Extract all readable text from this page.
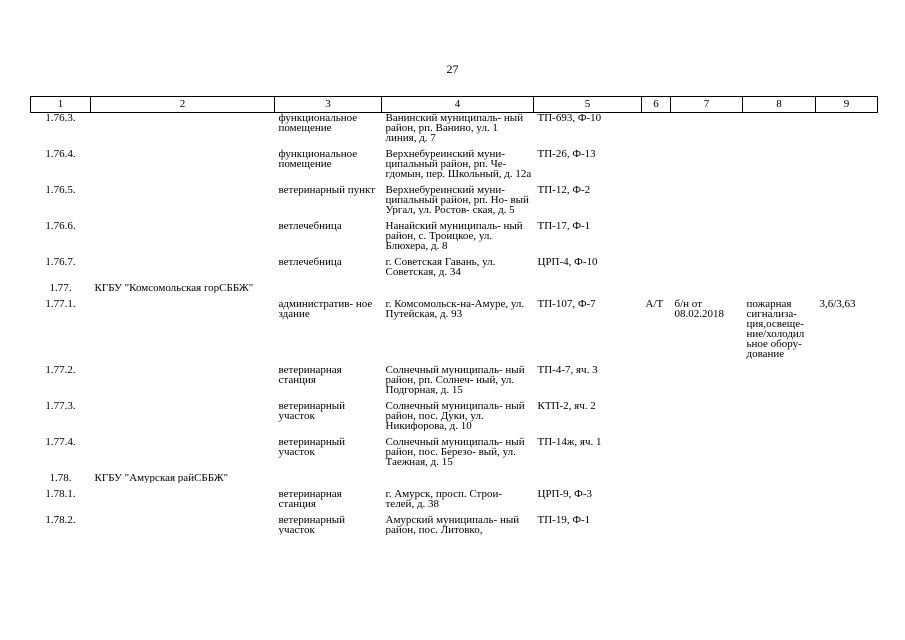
27
1	2	3	4	5	6	7	8	9
1.76.3.		функциональное помещение	Ванинский муниципаль- ный район, рп. Ванино, ул. 1 линия, д. 7	ТП-693, Ф-10				

1.76.4.		функциональное помещение	Верхнебуреинский муни- ципальный район, рп. Че- гдомын, пер. Школьный, д. 12а	ТП-26, Ф-13				

1.76.5.		ветеринарный пункт	Верхнебуреинский муни- ципальный район, рп. Но- вый Ургал, ул. Ростов- ская, д. 5	ТП-12, Ф-2				

1.76.6.		ветлечебница	Нанайский муниципаль- ный район, с. Троицкое, ул. Блюхера, д. 8	ТП-17, Ф-1				

1.76.7.		ветлечебница	г. Советская Гавань, ул. Советская, д. 34	ЦРП-4, Ф-10				

1.77.	КГБУ "Комсомольская горСББЖ"							

1.77.1.		административ- ное здание	г. Комсомольск-на-Амуре, ул. Путейская, д. 93	ТП-107, Ф-7	А/Т	б/н от 08.02.2018	пожарная сигнализа- ция,освеще- ние/холодил ьное обору- дование	3,6/3,63

1.77.2.		ветеринарная станция	Солнечный муниципаль- ный район, рп. Солнеч- ный, ул. Подгорная, д. 15	ТП-4-7, яч. 3				

1.77.3.		ветеринарный участок	Солнечный муниципаль- ный район, пос. Дуки, ул. Никифорова, д. 10	КТП-2, яч. 2				

1.77.4.		ветеринарный участок	Солнечный муниципаль- ный район, пос. Березо- вый, ул. Таежная, д. 15	ТП-14ж, яч. 1				

1.78.	КГБУ "Амурская райСББЖ"							

1.78.1.		ветеринарная станция	г. Амурск, просп. Строи- телей, д. 38	ЦРП-9, Ф-3				

1.78.2.		ветеринарный участок	Амурский муниципаль- ный район, пос. Литовко,	ТП-19, Ф-1				
